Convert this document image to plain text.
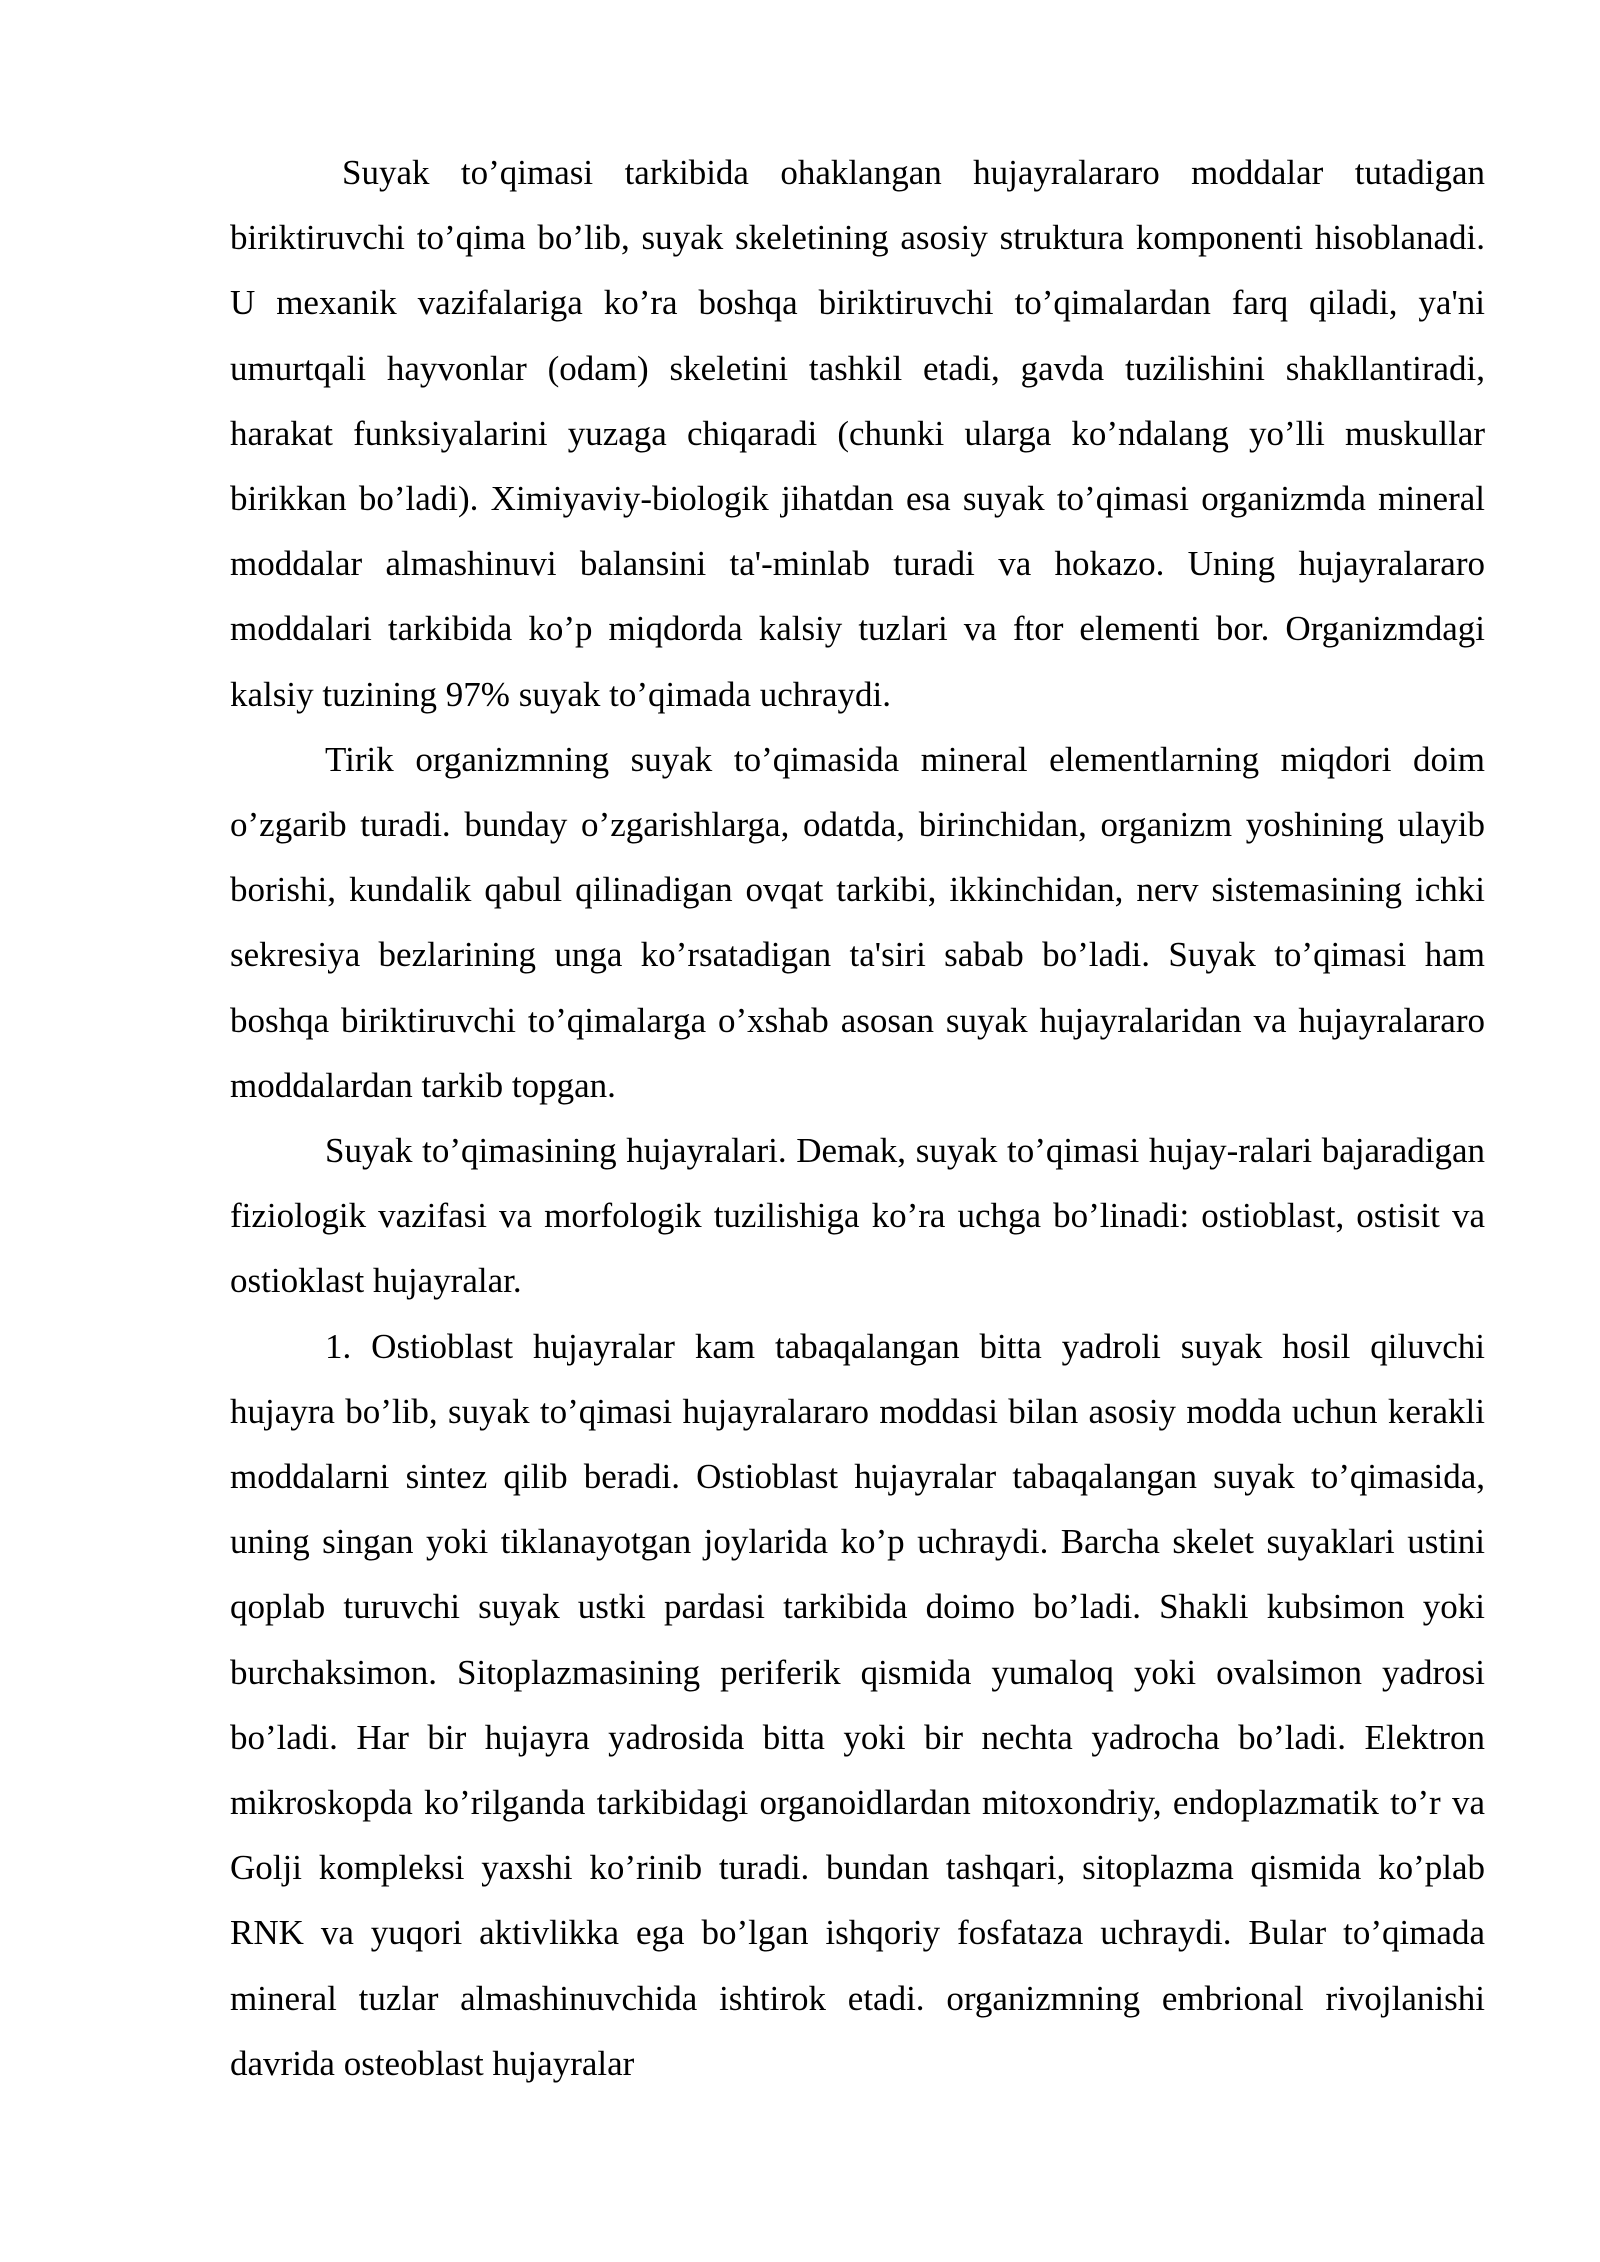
Suyak to’qimasi tarkibida ohaklangan hujayralararo moddalar tutadigan biriktiruvchi to’qima bo’lib, suyak skeletining asosiy struktura komponenti hisoblanadi. U mexanik vazifalariga ko’ra boshqa biriktiruvchi to’qimalardan farq qiladi, ya'ni umurtqali hayvonlar (odam) skeletini tashkil etadi, gavda tuzilishini shakllantiradi, harakat funksiyalarini yuzaga chiqaradi (chunki ularga ko’ndalang yo’lli muskullar birikkan bo’ladi). Ximiyaviy-biologik jihatdan esa suyak to’qimasi organizmda mineral moddalar almashinuvi balansini ta'-minlab turadi va hokazo. Uning hujayralararo moddalari tarkibida ko’p miqdorda kalsiy tuzlari va ftor elementi bor. Organizmdagi kalsiy tuzining 97% suyak to’qimada uchraydi.

Tirik organizmning suyak to’qimasida mineral elementlarning miqdori doim o’zgarib turadi. bunday o’zgarishlarga, odatda, birinchidan, organizm yoshining ulayib borishi, kundalik qabul qilinadigan ovqat tarkibi, ikkinchidan, nerv sistemasining ichki sekresiya bezlarining unga ko’rsatadigan ta'siri sabab bo’ladi. Suyak to’qimasi ham boshqa biriktiruvchi to’qimalarga o’xshab asosan suyak hujayralaridan va hujayralararo moddalardan tarkib topgan.

Suyak to’qimasining hujayralari. Demak, suyak to’qimasi hujay-ralari bajaradigan fiziologik vazifasi va morfologik tuzilishiga ko’ra uchga bo’linadi: ostioblast, ostisit va ostioklast hujayralar.

1. Ostioblast hujayralar kam tabaqalangan bitta yadroli suyak hosil qiluvchi hujayra bo’lib, suyak to’qimasi hujayralararo moddasi bilan asosiy modda uchun kerakli moddalarni sintez qilib beradi. Ostioblast hujayralar tabaqalangan suyak to’qimasida, uning singan yoki tiklanayotgan joylarida ko’p uchraydi. Barcha skelet suyaklari ustini qoplab turuvchi suyak ustki pardasi tarkibida doimo bo’ladi. Shakli kubsimon yoki burchaksimon. Sitoplazmasining periferik qismida yumaloq yoki ovalsimon yadrosi bo’ladi. Har bir hujayra yadrosida bitta yoki bir nechta yadrocha bo’ladi. Elektron mikroskopda ko’rilganda tarkibidagi organoidlardan mitoxondriy, endoplazmatik to’r va Golji kompleksi yaxshi ko’rinib turadi. bundan tashqari, sitoplazma qismida ko’plab RNK va yuqori aktivlikka ega bo’lgan ishqoriy fosfataza uchraydi. Bular to’qimada mineral tuzlar almashinuvchida ishtirok etadi. organizmning embrional rivojlanishi davrida osteoblast hujayralar
